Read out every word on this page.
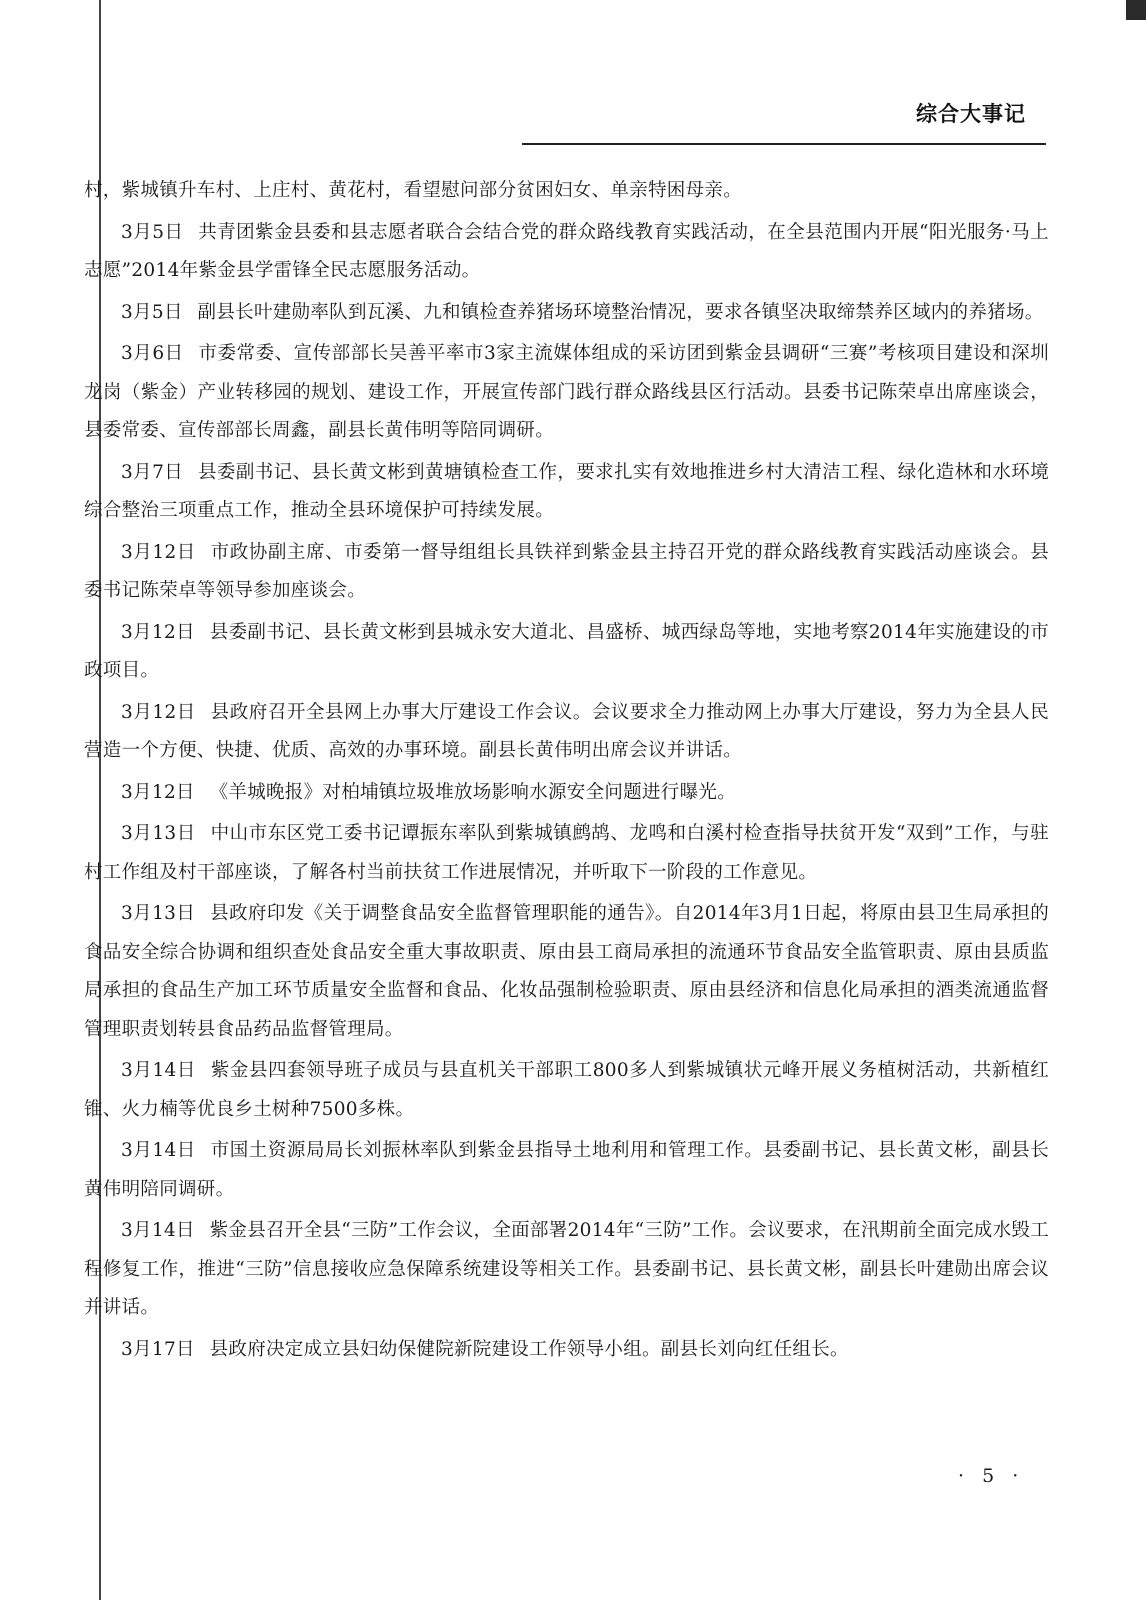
综合大事记

村，紫城镇升车村、上庄村、黄花村，看望慰问部分贫困妇女、单亲特困母亲。

3月5日 共青团紫金县委和县志愿者联合会结合党的群众路线教育实践活动，在全县范围内开展“阳光服务·马上志愿”2014年紫金县学雷锋全民志愿服务活动。

3月5日 副县长叶建勋率队到瓦溪、九和镇检查养猪场环境整治情况，要求各镇坚决取缔禁养区域内的养猪场。

3月6日 市委常委、宣传部部长吴善平率市3家主流媒体组成的采访团到紫金县调研“三赛”考核项目建设和深圳龙岗（紫金）产业转移园的规划、建设工作，开展宣传部门践行群众路线县区行活动。县委书记陈荣卓出席座谈会，县委常委、宣传部部长周鑫，副县长黄伟明等陪同调研。

3月7日 县委副书记、县长黄文彬到黄塘镇检查工作，要求扎实有效地推进乡村大清洁工程、绿化造林和水环境综合整治三项重点工作，推动全县环境保护可持续发展。

3月12日 市政协副主席、市委第一督导组组长具铁祥到紫金县主持召开党的群众路线教育实践活动座谈会。县委书记陈荣卓等领导参加座谈会。

3月12日 县委副书记、县长黄文彬到县城永安大道北、昌盛桥、城西绿岛等地，实地考察2014年实施建设的市政项目。

3月12日 县政府召开全县网上办事大厅建设工作会议。会议要求全力推动网上办事大厅建设，努力为全县人民营造一个方便、快捷、优质、高效的办事环境。副县长黄伟明出席会议并讲话。

3月12日 《羊城晚报》对柏埔镇垃圾堆放场影响水源安全问题进行曝光。

3月13日 中山市东区党工委书记谭振东率队到紫城镇鹧鸪、龙鸣和白溪村检查指导扶贫开发“双到”工作，与驻村工作组及村干部座谈，了解各村当前扶贫工作进展情况，并听取下一阶段的工作意见。

3月13日 县政府印发《关于调整食品安全监督管理职能的通告》。自2014年3月1日起，将原由县卫生局承担的食品安全综合协调和组织查处食品安全重大事故职责、原由县工商局承担的流通环节食品安全监管职责、原由县质监局承担的食品生产加工环节质量安全监督和食品、化妆品强制检验职责、原由县经济和信息化局承担的酒类流通监督管理职责划转县食品药品监督管理局。

3月14日 紫金县四套领导班子成员与县直机关干部职工800多人到紫城镇状元峰开展义务植树活动，共新植红锥、火力楠等优良乡土树种7500多株。

3月14日 市国土资源局局长刘振林率队到紫金县指导土地利用和管理工作。县委副书记、县长黄文彬，副县长黄伟明陪同调研。

3月14日 紫金县召开全县“三防”工作会议，全面部署2014年“三防”工作。会议要求，在汛期前全面完成水毁工程修复工作，推进“三防”信息接收应急保障系统建设等相关工作。县委副书记、县长黄文彬，副县长叶建勋出席会议并讲话。

3月17日 县政府决定成立县妇幼保健院新院建设工作领导小组。副县长刘向红任组长。

· 5 ·
